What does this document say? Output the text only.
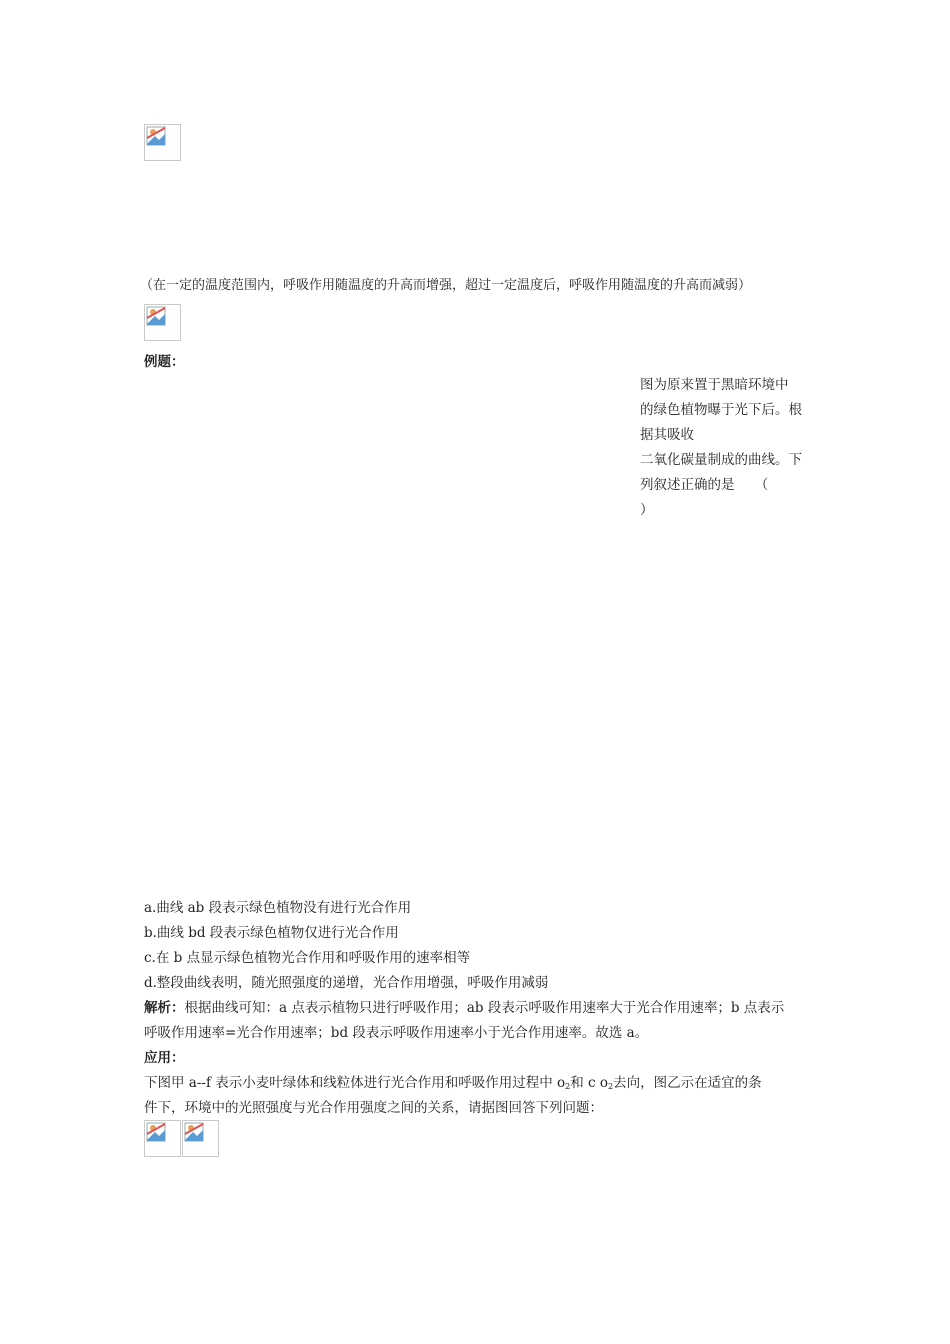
（在一定的温度范围内，呼吸作用随温度的升高而增强，超过一定温度后，呼吸作用随温度的升高而减弱）
例题：
图为原来置于黑暗环境中
的绿色植物曝于光下后。根
据其吸收
二氧化碳量制成的曲线。下
列叙述正确的是　　（
）
a.曲线 ab 段表示绿色植物没有进行光合作用
b.曲线 bd 段表示绿色植物仅进行光合作用
c.在 b 点显示绿色植物光合作用和呼吸作用的速率相等
d.整段曲线表明，随光照强度的递增，光合作用增强，呼吸作用减弱
解析：根据曲线可知：a 点表示植物只进行呼吸作用；ab 段表示呼吸作用速率大于光合作用速率；b 点表示
呼吸作用速率=光合作用速率；bd 段表示呼吸作用速率小于光合作用速率。故选 a。
应用：
下图甲 a--f 表示小麦叶绿体和线粒体进行光合作用和呼吸作用过程中 $o_2$和 c $o_2$去向，图乙示在适宜的条
件下，环境中的光照强度与光合作用强度之间的关系，请据图回答下列问题：
